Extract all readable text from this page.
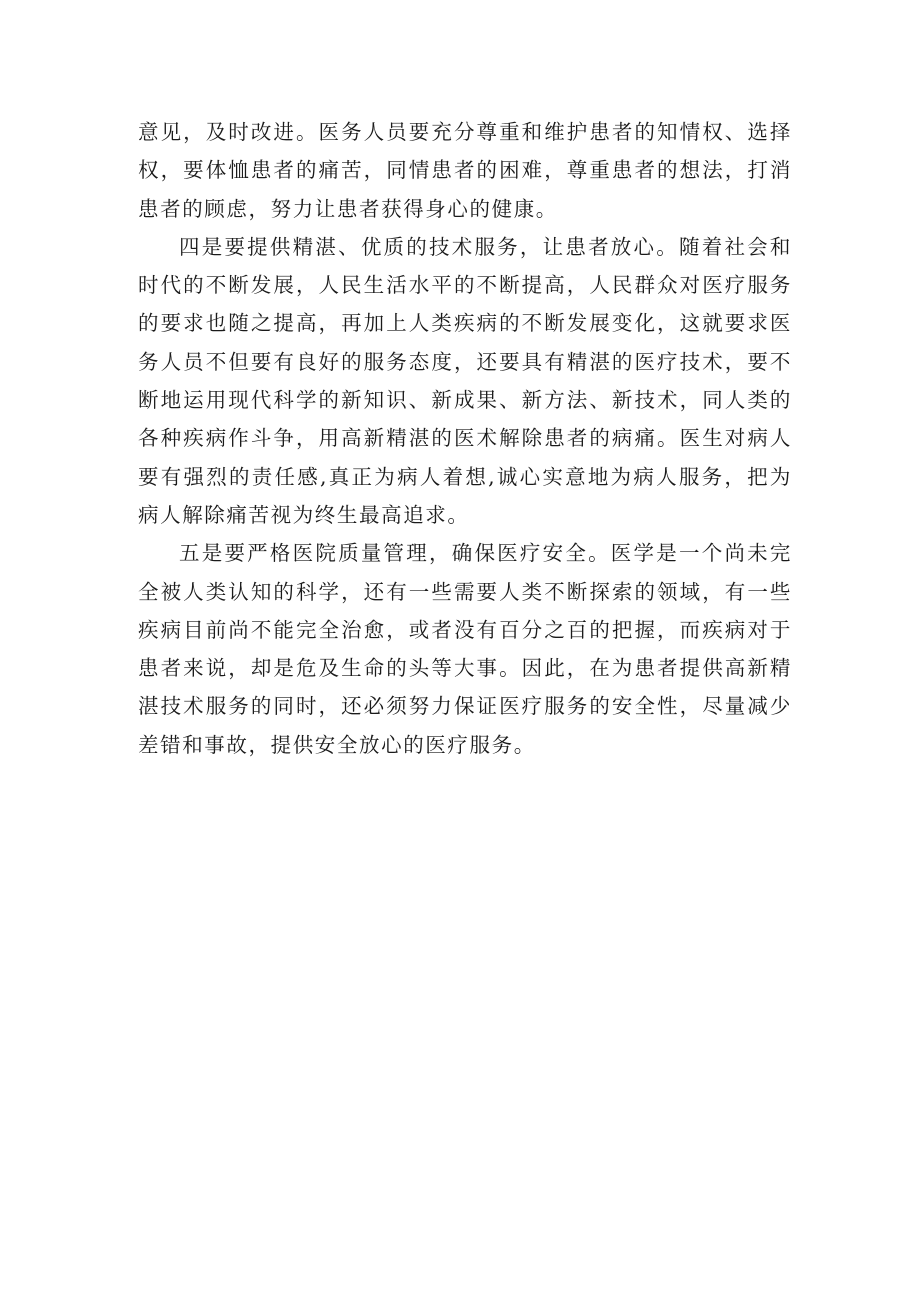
意见，及时改进。医务人员要充分尊重和维护患者的知情权、选择权，要体恤患者的痛苦，同情患者的困难，尊重患者的想法，打消患者的顾虑，努力让患者获得身心的健康。

四是要提供精湛、优质的技术服务，让患者放心。随着社会和时代的不断发展，人民生活水平的不断提高，人民群众对医疗服务的要求也随之提高，再加上人类疾病的不断发展变化，这就要求医务人员不但要有良好的服务态度，还要具有精湛的医疗技术，要不断地运用现代科学的新知识、新成果、新方法、新技术，同人类的各种疾病作斗争，用高新精湛的医术解除患者的病痛。医生对病人要有强烈的责任感,真正为病人着想,诚心实意地为病人服务，把为病人解除痛苦视为终生最高追求。

五是要严格医院质量管理，确保医疗安全。医学是一个尚未完全被人类认知的科学，还有一些需要人类不断探索的领域，有一些疾病目前尚不能完全治愈，或者没有百分之百的把握，而疾病对于患者来说，却是危及生命的头等大事。因此，在为患者提供高新精湛技术服务的同时，还必须努力保证医疗服务的安全性，尽量减少差错和事故，提供安全放心的医疗服务。
